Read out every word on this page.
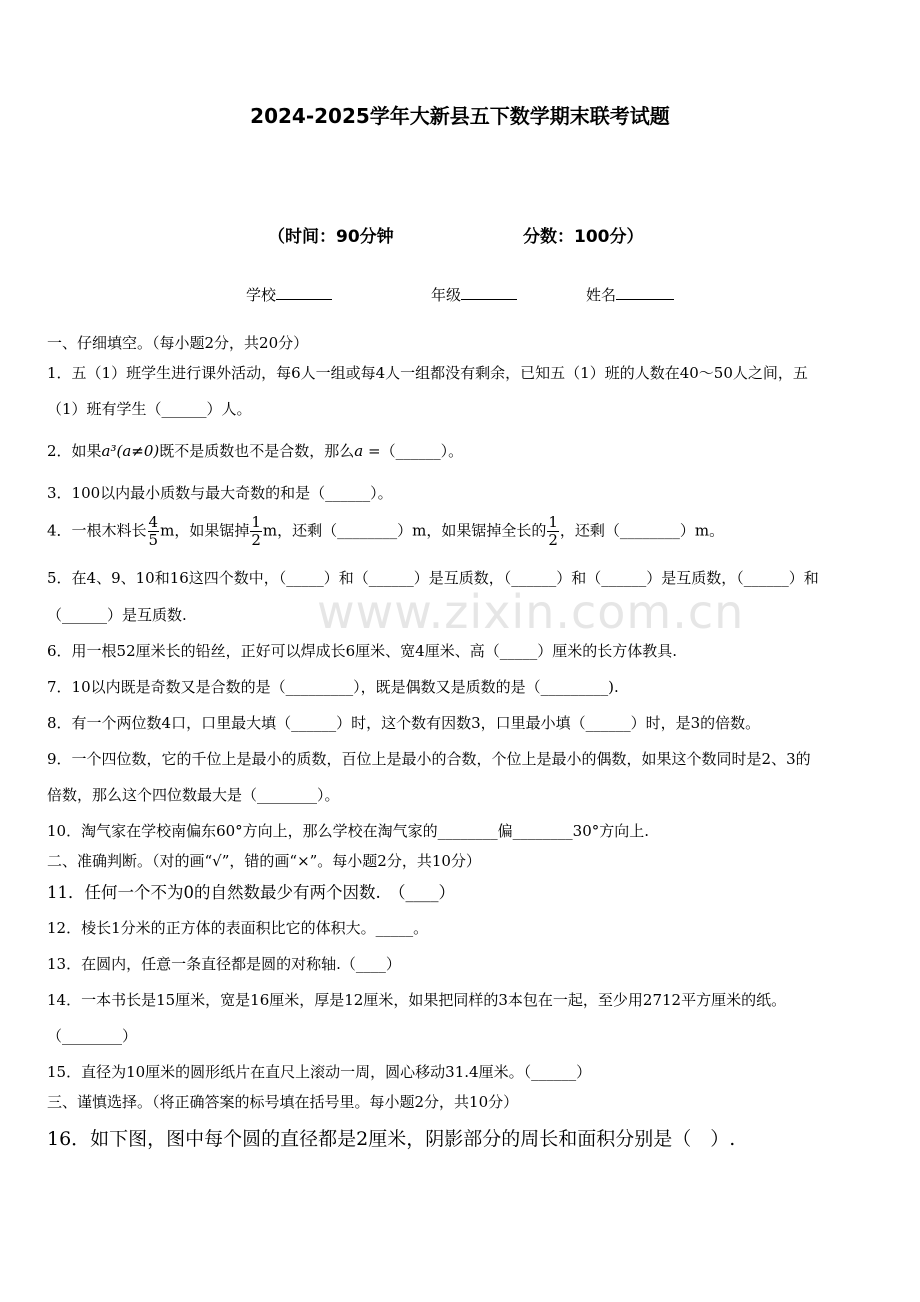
www.zixin.com.cn
2024-2025学年大新县五下数学期末联考试题
（时间：90分钟	分数：100分）
学校	年级	姓名
一、仔细填空。（每小题2分，共20分）
1．五（1）班学生进行课外活动，每6人一组或每4人一组都没有剩余，已知五（1）班的人数在40～50人之间，五
（1）班有学生（______）人。
2．如果a³(a≠0)既不是质数也不是合数，那么a =（______）。
3．100以内最小质数与最大奇数的和是（______）。
4．一根木料长 $\frac{4}{5}$ m，如果锯掉 $\frac{1}{2}$ m，还剩（________）m，如果锯掉全长的 $\frac{1}{2}$ ，还剩（________）m。
5．在4、9、10和16这四个数中，（_____）和（______）是互质数，（______）和（______）是互质数，（______）和
（______）是互质数.
6．用一根52厘米长的铅丝，正好可以焊成长6厘米、宽4厘米、高（_____）厘米的长方体教具.
7．10以内既是奇数又是合数的是（_________），既是偶数又是质数的是（_________).
8．有一个两位数4口，口里最大填（______）时，这个数有因数3，口里最小填（______）时，是3的倍数。
9．一个四位数，它的千位上是最小的质数，百位上是最小的合数，个位上是最小的偶数，如果这个数同时是2、3的
倍数，那么这个四位数最大是（________）。
10．淘气家在学校南偏东60°方向上，那么学校在淘气家的________偏________30°方向上.
二、准确判断。（对的画“√”，错的画“×”。每小题2分，共10分）
11．任何一个不为0的自然数最少有两个因数.　（____）
12．棱长1分米的正方体的表面积比它的体积大。_____。
13．在圆内，任意一条直径都是圆的对称轴.（____）
14．一本书长是15厘米，宽是16厘米，厚是12厘米，如果把同样的3本包在一起，至少用2712平方厘米的纸。
（________）
15．直径为10厘米的圆形纸片在直尺上滚动一周，圆心移动31.4厘米。（______）
三、谨慎选择。（将正确答案的标号填在括号里。每小题2分，共10分）
16．如下图，图中每个圆的直径都是2厘米，阴影部分的周长和面积分别是（　）.
